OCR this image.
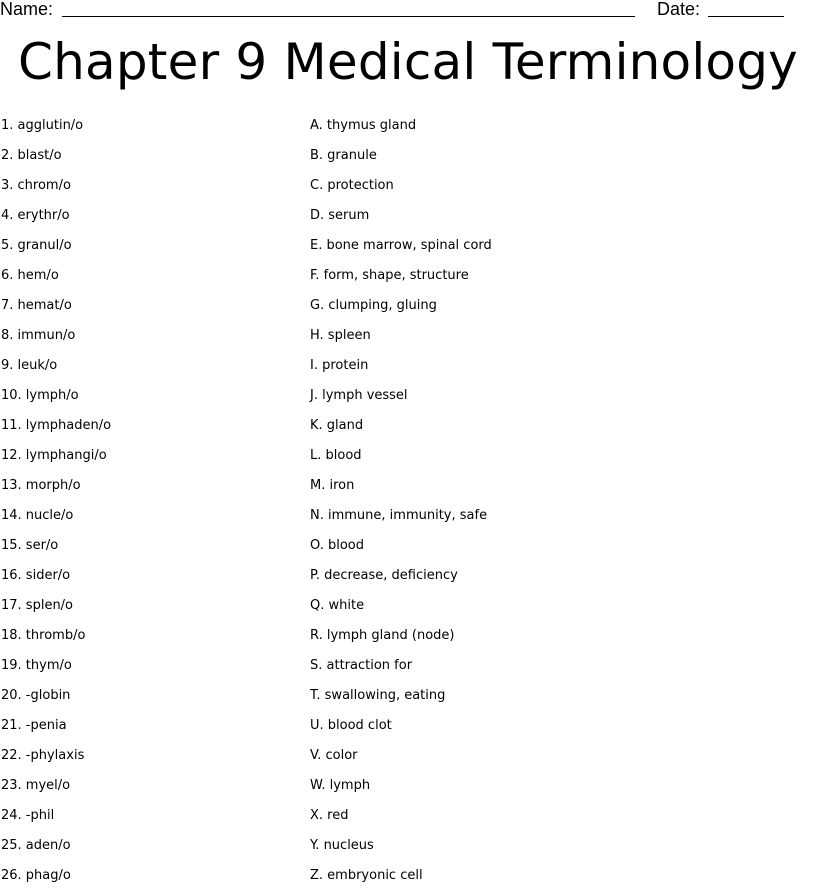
Name:	Date:
Chapter 9 Medical Terminology
1. agglutin/o
2. blast/o
3. chrom/o
4. erythr/o
5. granul/o
6. hem/o
7. hemat/o
8. immun/o
9. leuk/o
10. lymph/o
11. lymphaden/o
12. lymphangi/o
13. morph/o
14. nucle/o
15. ser/o
16. sider/o
17. splen/o
18. thromb/o
19. thym/o
20. -globin
21. -penia
22. -phylaxis
23. myel/o
24. -phil
25. aden/o
26. phag/o
A. thymus gland
B. granule
C. protection
D. serum
E. bone marrow, spinal cord
F. form, shape, structure
G. clumping, gluing
H. spleen
I. protein
J. lymph vessel
K. gland
L. blood
M. iron
N. immune, immunity, safe
O. blood
P. decrease, deficiency
Q. white
R. lymph gland (node)
S. attraction for
T. swallowing, eating
U. blood clot
V. color
W. lymph
X. red
Y. nucleus
Z. embryonic cell
